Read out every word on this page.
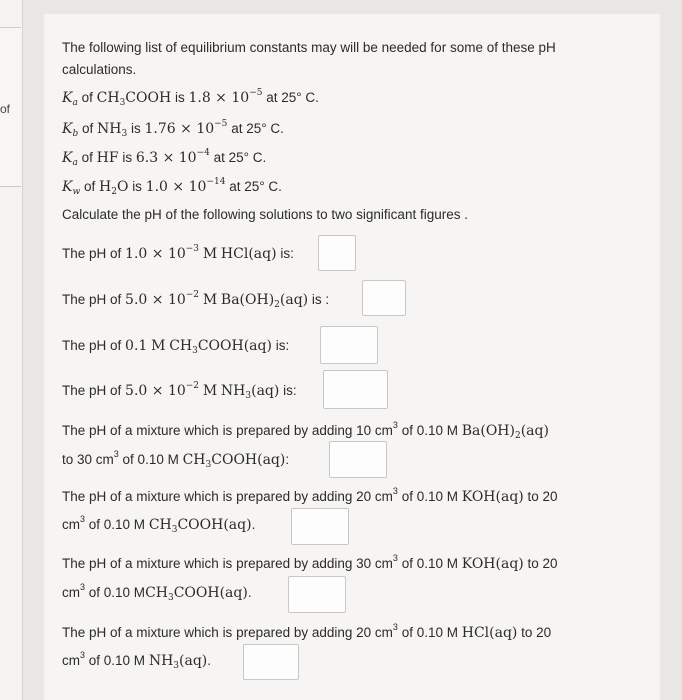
of
The following list of equilibrium constants may will be needed for some of these pH
calculations.
$K_a$ of $CH_3COOH$ is $1.8 \times 10^{-5}$ at 25° C.
$K_b$ of $NH_3$ is $1.76 \times 10^{-5}$ at 25° C.
$K_a$ of HF is $6.3 \times 10^{-4}$ at 25° C.
$K_w$ of $H_2O$ is $1.0 \times 10^{-14}$ at 25° C.
Calculate the pH of the following solutions to two significant figures .
The pH of $1.0 \times 10^{-3}$ M HCl(aq) is:
The pH of $5.0 \times 10^{-2}$ M $Ba(OH)_2(aq)$ is :
The pH of 0.1 M $CH_3COOH(aq)$ is:
The pH of $5.0 \times 10^{-2}$ M $NH_3(aq)$ is:
The pH of a mixture which is prepared by adding 10 $cm^3$ of 0.10 M $Ba(OH)_2(aq)$
to 30 $cm^3$ of 0.10 M $CH_3COOH(aq)$:
The pH of a mixture which is prepared by adding 20 $cm^3$ of 0.10 M KOH(aq) to 20
$cm^3$ of 0.10 M $CH_3COOH(aq)$.
The pH of a mixture which is prepared by adding 30 $cm^3$ of 0.10 M KOH(aq) to 20
$cm^3$ of 0.10 $MCH_3COOH(aq)$.
The pH of a mixture which is prepared by adding 20 $cm^3$ of 0.10 M HCl(aq) to 20
$cm^3$ of 0.10 M $NH_3(aq)$.
